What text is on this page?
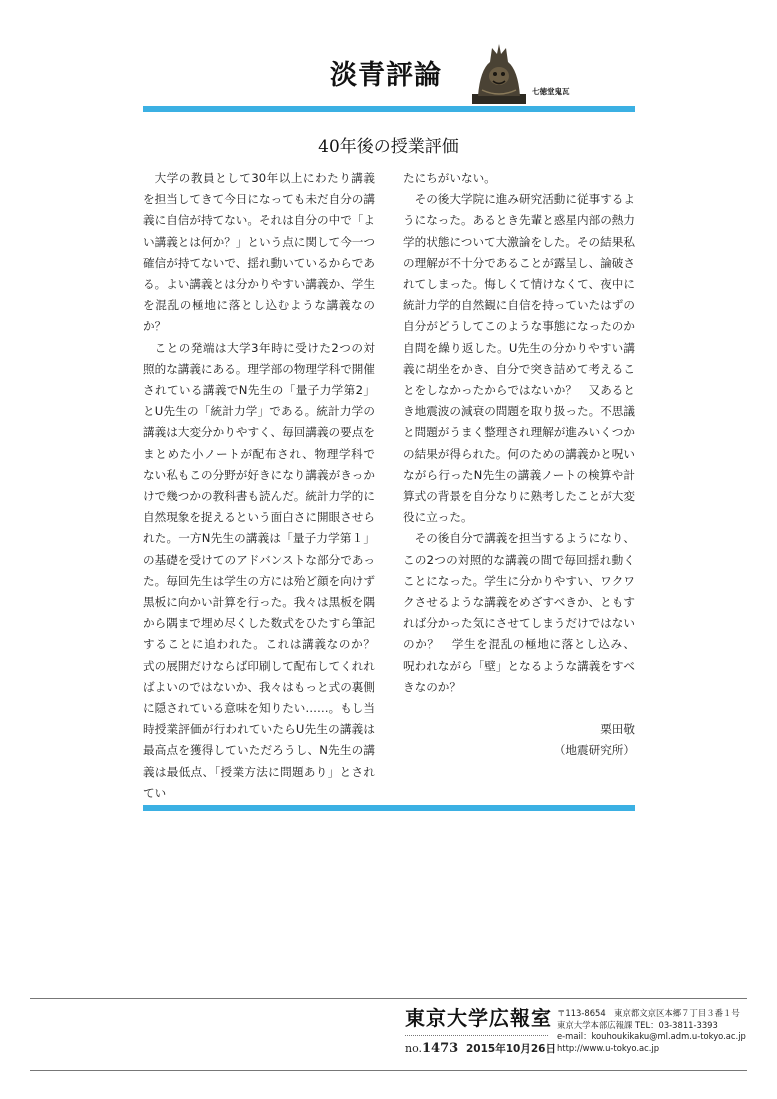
淡青評論
七徳堂鬼瓦
40年後の授業評価

大学の教員として30年以上にわたり講義を担当してきて今日になっても未だ自分の講義に自信が持てない。それは自分の中で「よい講義とは何か？」という点に関して今一つ確信が持てないで、揺れ動いているからである。よい講義とは分かりやすい講義か、学生を混乱の極地に落とし込むような講義なのか？

ことの発端は大学3年時に受けた2つの対照的な講義にある。理学部の物理学科で開催されている講義でN先生の「量子力学第2」とU先生の「統計力学」である。統計力学の講義は大変分かりやすく、毎回講義の要点をまとめた小ノートが配布され、物理学科でない私もこの分野が好きになり講義がきっかけで幾つかの教科書も読んだ。統計力学的に自然現象を捉えるという面白さに開眼させられた。一方N先生の講義は「量子力学第１」の基礎を受けてのアドバンストな部分であった。毎回先生は学生の方には殆ど顔を向けず黒板に向かい計算を行った。我々は黒板を隅から隅まで埋め尽くした数式をひたすら筆記することに追われた。これは講義なのか？　式の展開だけならば印刷して配布してくれればよいのではないか、我々はもっと式の裏側に隠されている意味を知りたい……。もし当時授業評価が行われていたらU先生の講義は最高点を獲得していただろうし、N先生の講義は最低点、「授業方法に問題あり」とされてい

たにちがいない。

その後大学院に進み研究活動に従事するようになった。あるとき先輩と惑星内部の熱力学的状態について大激論をした。その結果私の理解が不十分であることが露呈し、論破されてしまった。悔しくて情けなくて、夜中に統計力学的自然観に自信を持っていたはずの自分がどうしてこのような事態になったのか自問を繰り返した。U先生の分かりやすい講義に胡坐をかき、自分で突き詰めて考えることをしなかったからではないか？　又あるとき地震波の減衰の問題を取り扱った。不思議と問題がうまく整理され理解が進みいくつかの結果が得られた。何のための講義かと呪いながら行ったN先生の講義ノートの検算や計算式の背景を自分なりに熟考したことが大変役に立った。

その後自分で講義を担当するようになり、この2つの対照的な講義の間で毎回揺れ動くことになった。学生に分かりやすい、ワクワクさせるような講義をめざすべきか、ともすれば分かった気にさせてしまうだけではないのか？　学生を混乱の極地に落とし込み、呪われながら「壁」となるような講義をすべきなのか？

栗田敬
（地震研究所）
東京大学広報室
no.1473 2015年10月26日
〒113-8654　東京都文京区本郷７丁目３番１号
東京大学本部広報課 TEL：03-3811-3393
e-mail：kouhoukikaku@ml.adm.u-tokyo.ac.jp
http://www.u-tokyo.ac.jp
